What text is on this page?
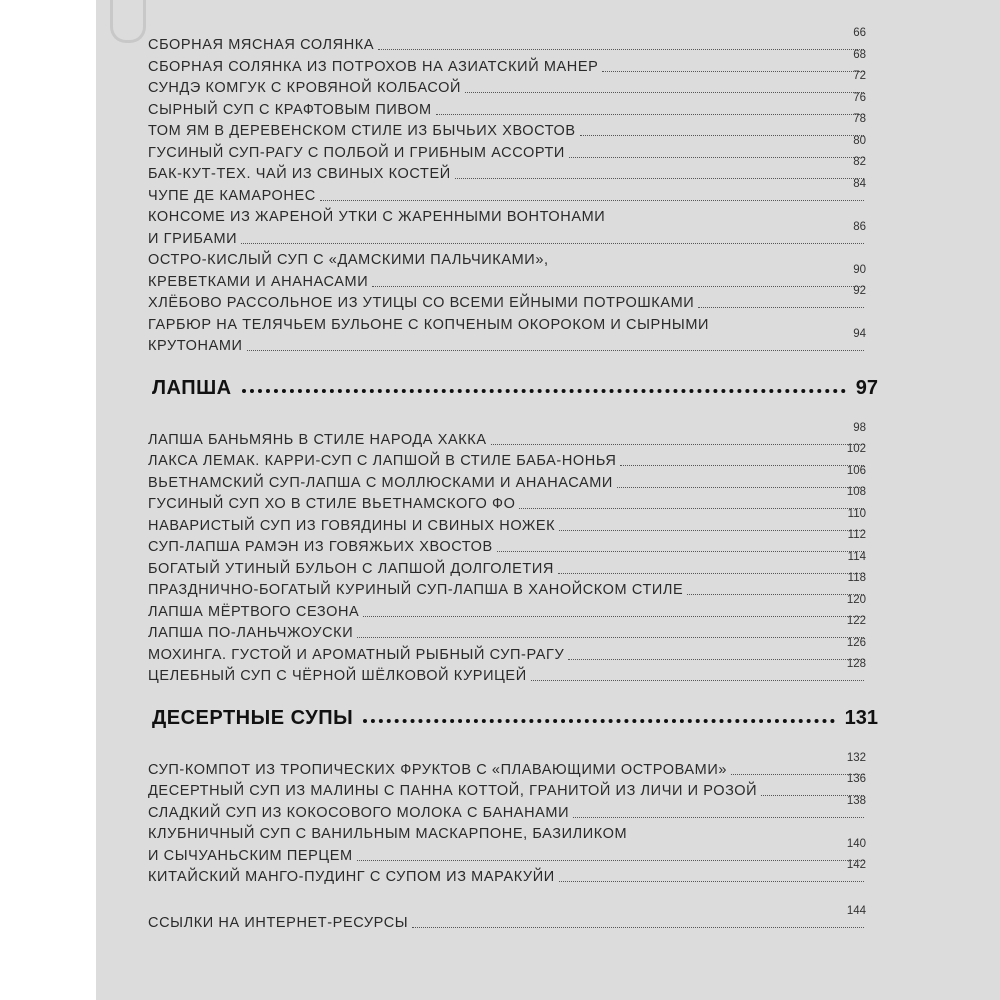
СБОРНАЯ МЯСНАЯ СОЛЯНКА
66
СБОРНАЯ СОЛЯНКА ИЗ ПОТРОХОВ НА АЗИАТСКИЙ МАНЕР
68
СУНДЭ КОМГУК С КРОВЯНОЙ КОЛБАСОЙ
72
СЫРНЫЙ СУП С КРАФТОВЫМ ПИВОМ
76
ТОМ ЯМ В ДЕРЕВЕНСКОМ СТИЛЕ ИЗ БЫЧЬИХ ХВОСТОВ
78
ГУСИНЫЙ СУП-РАГУ С ПОЛБОЙ И ГРИБНЫМ АССОРТИ
80
БАК-КУТ-ТЕХ. ЧАЙ ИЗ СВИНЫХ КОСТЕЙ
82
ЧУПЕ ДЕ КАМАРОНЕС
84
КОНСОМЕ ИЗ ЖАРЕНОЙ УТКИ С ЖАРЕННЫМИ ВОНТОНАМИ
И ГРИБАМИ
86
ОСТРО-КИСЛЫЙ СУП С «ДАМСКИМИ ПАЛЬЧИКАМИ»,
КРЕВЕТКАМИ И АНАНАСАМИ
90
ХЛЁБОВО РАССОЛЬНОЕ ИЗ УТИЦЫ СО ВСЕМИ ЕЙНЫМИ ПОТРОШКАМИ
92
ГАРБЮР НА ТЕЛЯЧЬЕМ БУЛЬОНЕ С КОПЧЕНЫМ ОКОРОКОМ И СЫРНЫМИ
КРУТОНАМИ
94
ЛАПША	97
ЛАПША БАНЬМЯНЬ В СТИЛЕ НАРОДА ХАККА
98
ЛАКСА ЛЕМАК. КАРРИ-СУП С ЛАПШОЙ В СТИЛЕ БАБА-НОНЬЯ
102
ВЬЕТНАМСКИЙ СУП-ЛАПША С МОЛЛЮСКАМИ И АНАНАСАМИ
106
ГУСИНЫЙ СУП ХО В СТИЛЕ ВЬЕТНАМСКОГО ФО
108
НАВАРИСТЫЙ СУП ИЗ ГОВЯДИНЫ И СВИНЫХ НОЖЕК
110
СУП-ЛАПША РАМЭН ИЗ ГОВЯЖЬИХ ХВОСТОВ
112
БОГАТЫЙ УТИНЫЙ БУЛЬОН С ЛАПШОЙ ДОЛГОЛЕТИЯ
114
ПРАЗДНИЧНО-БОГАТЫЙ КУРИНЫЙ СУП-ЛАПША В ХАНОЙСКОМ СТИЛЕ
118
ЛАПША МЁРТВОГО СЕЗОНА
120
ЛАПША ПО-ЛАНЬЧЖОУСКИ
122
МОХИНГА. ГУСТОЙ И АРОМАТНЫЙ РЫБНЫЙ СУП-РАГУ
126
ЦЕЛЕБНЫЙ СУП С ЧЁРНОЙ ШЁЛКОВОЙ КУРИЦЕЙ
128
ДЕСЕРТНЫЕ СУПЫ	131
СУП-КОМПОТ ИЗ ТРОПИЧЕСКИХ ФРУКТОВ С «ПЛАВАЮЩИМИ ОСТРОВАМИ»
132
ДЕСЕРТНЫЙ СУП ИЗ МАЛИНЫ С ПАННА КОТТОЙ, ГРАНИТОЙ ИЗ ЛИЧИ И РОЗОЙ
136
СЛАДКИЙ СУП ИЗ КОКОСОВОГО МОЛОКА С БАНАНАМИ
138
КЛУБНИЧНЫЙ СУП С ВАНИЛЬНЫМ МАСКАРПОНЕ, БАЗИЛИКОМ
И СЫЧУАНЬСКИМ ПЕРЦЕМ
140
КИТАЙСКИЙ МАНГО-ПУДИНГ С СУПОМ ИЗ МАРАКУЙИ
142
ССЫЛКИ НА ИНТЕРНЕТ-РЕСУРСЫ
144
